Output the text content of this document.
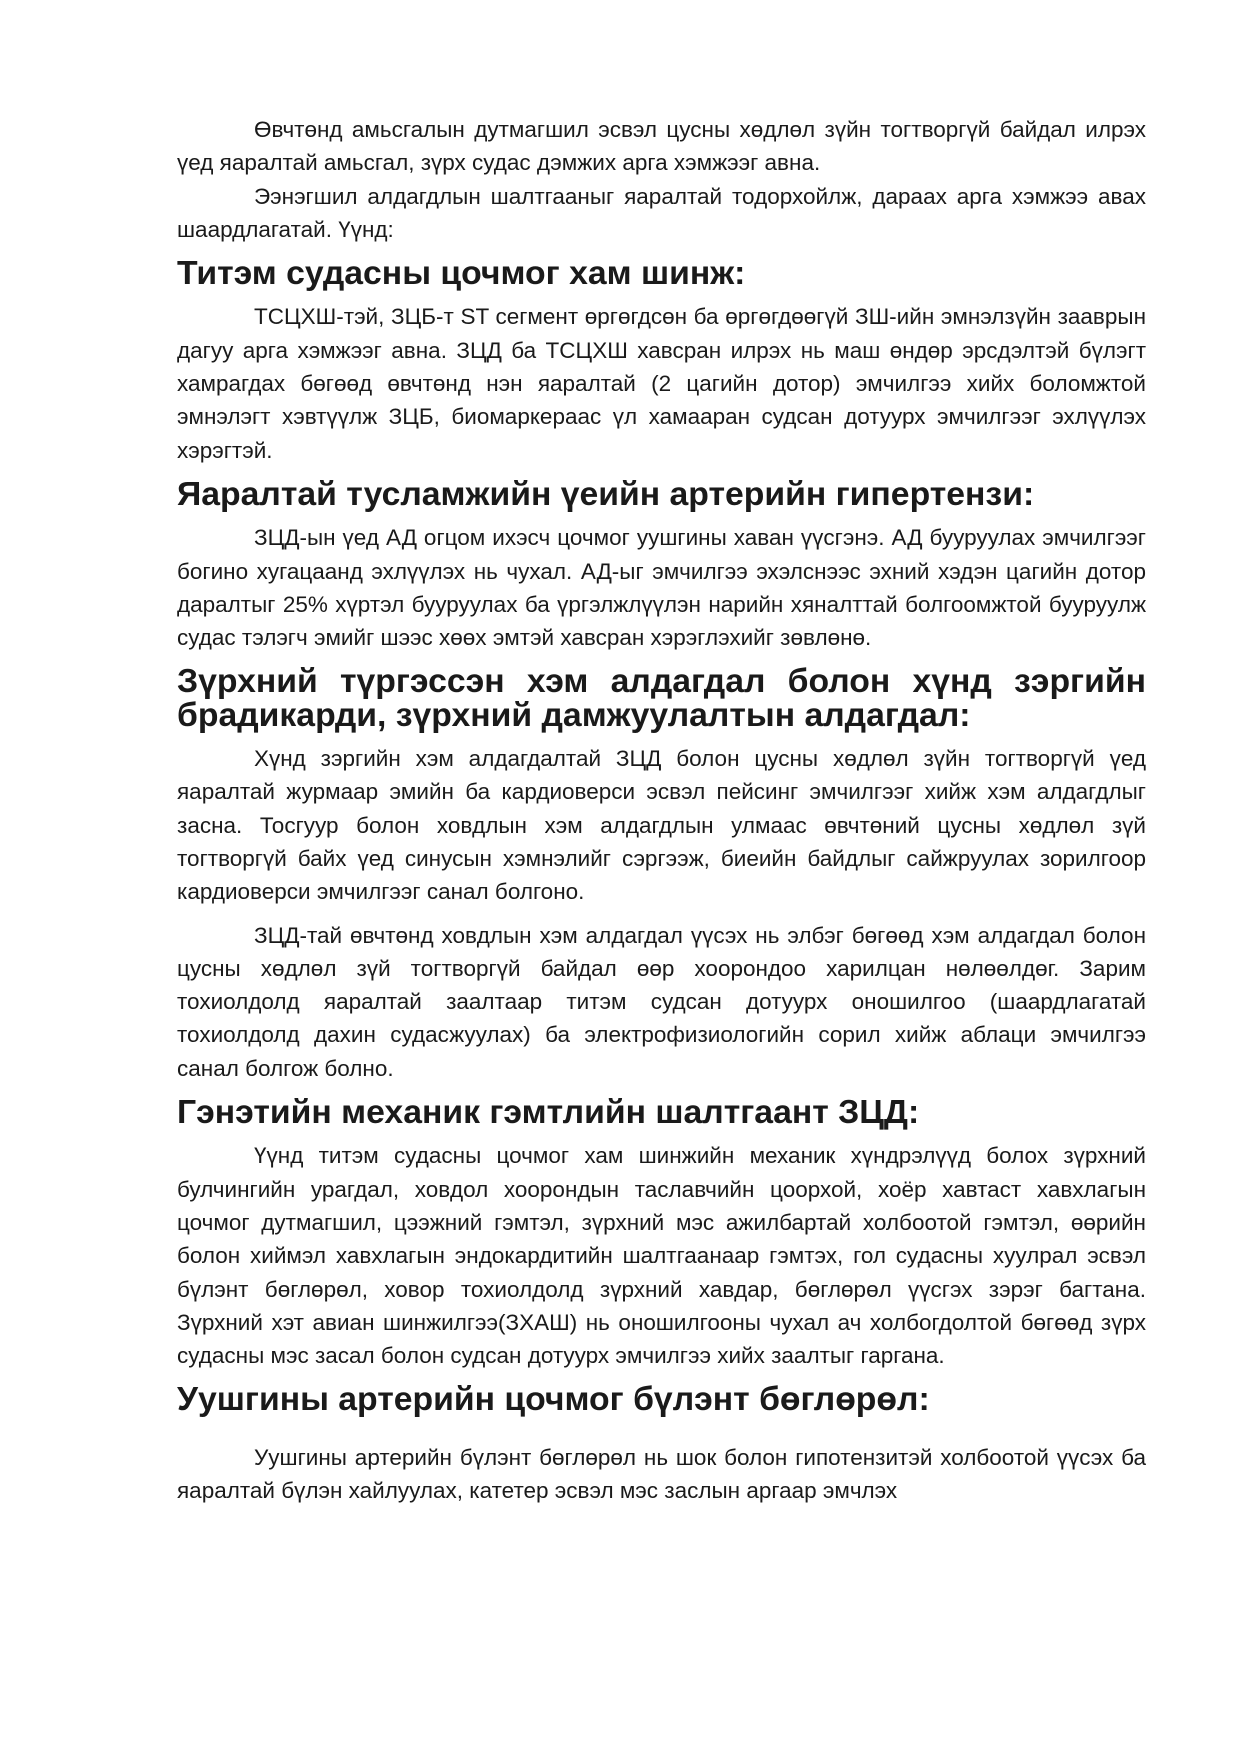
Өвчтөнд амьсгалын дутмагшил эсвэл цусны хөдлөл зүйн тогтворгүй байдал илрэх үед яаралтай амьсгал, зүрх судас дэмжих арга хэмжээг авна.

Ээнэгшил алдагдлын шалтгааныг яаралтай тодорхойлж, дараах арга хэмжээ авах шаардлагатай. Үүнд:

Титэм судасны цочмог хам шинж:

ТСЦХШ-тэй, ЗЦБ-т ST сегмент өргөгдсөн ба өргөгдөөгүй ЗШ-ийн эмнэлзүйн зааврын дагуу арга хэмжээг авна. ЗЦД ба ТСЦХШ хавсран илрэх нь маш өндөр эрсдэлтэй бүлэгт хамрагдах бөгөөд өвчтөнд нэн яаралтай (2 цагийн дотор) эмчилгээ хийх боломжтой эмнэлэгт хэвтүүлж ЗЦБ, биомаркераас үл хамааран судсан дотуурх эмчилгээг эхлүүлэх хэрэгтэй.

Яаралтай тусламжийн үеийн артерийн гипертензи:

ЗЦД-ын үед АД огцом ихэсч цочмог уушгины хаван үүсгэнэ. АД бууруулах эмчилгээг богино хугацаанд эхлүүлэх нь чухал. АД-ыг эмчилгээ эхэлснээс эхний хэдэн цагийн дотор даралтыг 25% хүртэл бууруулах ба үргэлжлүүлэн нарийн хяналттай болгоомжтой бууруулж судас тэлэгч эмийг шээс хөөх эмтэй хавсран хэрэглэхийг зөвлөнө.

Зүрхний түргэссэн хэм алдагдал болон хүнд зэргийн брадикарди, зүрхний дамжуулалтын алдагдал:

Хүнд зэргийн хэм алдагдалтай ЗЦД болон цусны хөдлөл зүйн тогтворгүй үед яаралтай журмаар эмийн ба кардиоверси эсвэл пейсинг эмчилгээг хийж хэм алдагдлыг засна. Тосгуур болон ховдлын хэм алдагдлын улмаас өвчтөний цусны хөдлөл зүй тогтворгүй байх үед синусын хэмнэлийг сэргээж, биеийн байдлыг сайжруулах зорилгоор кардиоверси эмчилгээг санал болгоно.

ЗЦД-тай өвчтөнд ховдлын хэм алдагдал үүсэх нь элбэг бөгөөд хэм алдагдал болон цусны хөдлөл зүй тогтворгүй байдал өөр хоорондоо харилцан нөлөөлдөг. Зарим тохиолдолд яаралтай заалтаар титэм судсан дотуурх оношилгоо (шаардлагатай тохиолдолд дахин судасжуулах) ба электрофизиологийн сорил хийж аблаци эмчилгээ санал болгож болно.

Гэнэтийн механик гэмтлийн шалтгаант ЗЦД:

Үүнд титэм судасны цочмог хам шинжийн механик хүндрэлүүд болох зүрхний булчингийн урагдал, ховдол хоорондын таславчийн цоорхой, хоёр хавтаст хавхлагын цочмог дутмагшил, цээжний гэмтэл, зүрхний мэс ажилбартай холбоотой гэмтэл, өөрийн болон хиймэл хавхлагын эндокардитийн шалтгаанаар гэмтэх, гол судасны хуулрал эсвэл бүлэнт бөглөрөл, ховор тохиолдолд зүрхний хавдар, бөглөрөл үүсгэх зэрэг багтана. Зүрхний хэт авиан шинжилгээ(ЗХАШ) нь оношилгооны чухал ач холбогдолтой бөгөөд зүрх судасны мэс засал болон судсан дотуурх эмчилгээ хийх заалтыг гаргана.

Уушгины артерийн цочмог бүлэнт бөглөрөл:

Уушгины артерийн бүлэнт бөглөрөл нь шок болон гипотензитэй холбоотой үүсэх ба яаралтай бүлэн хайлуулах, катетер эсвэл мэс заслын аргаар эмчлэх
